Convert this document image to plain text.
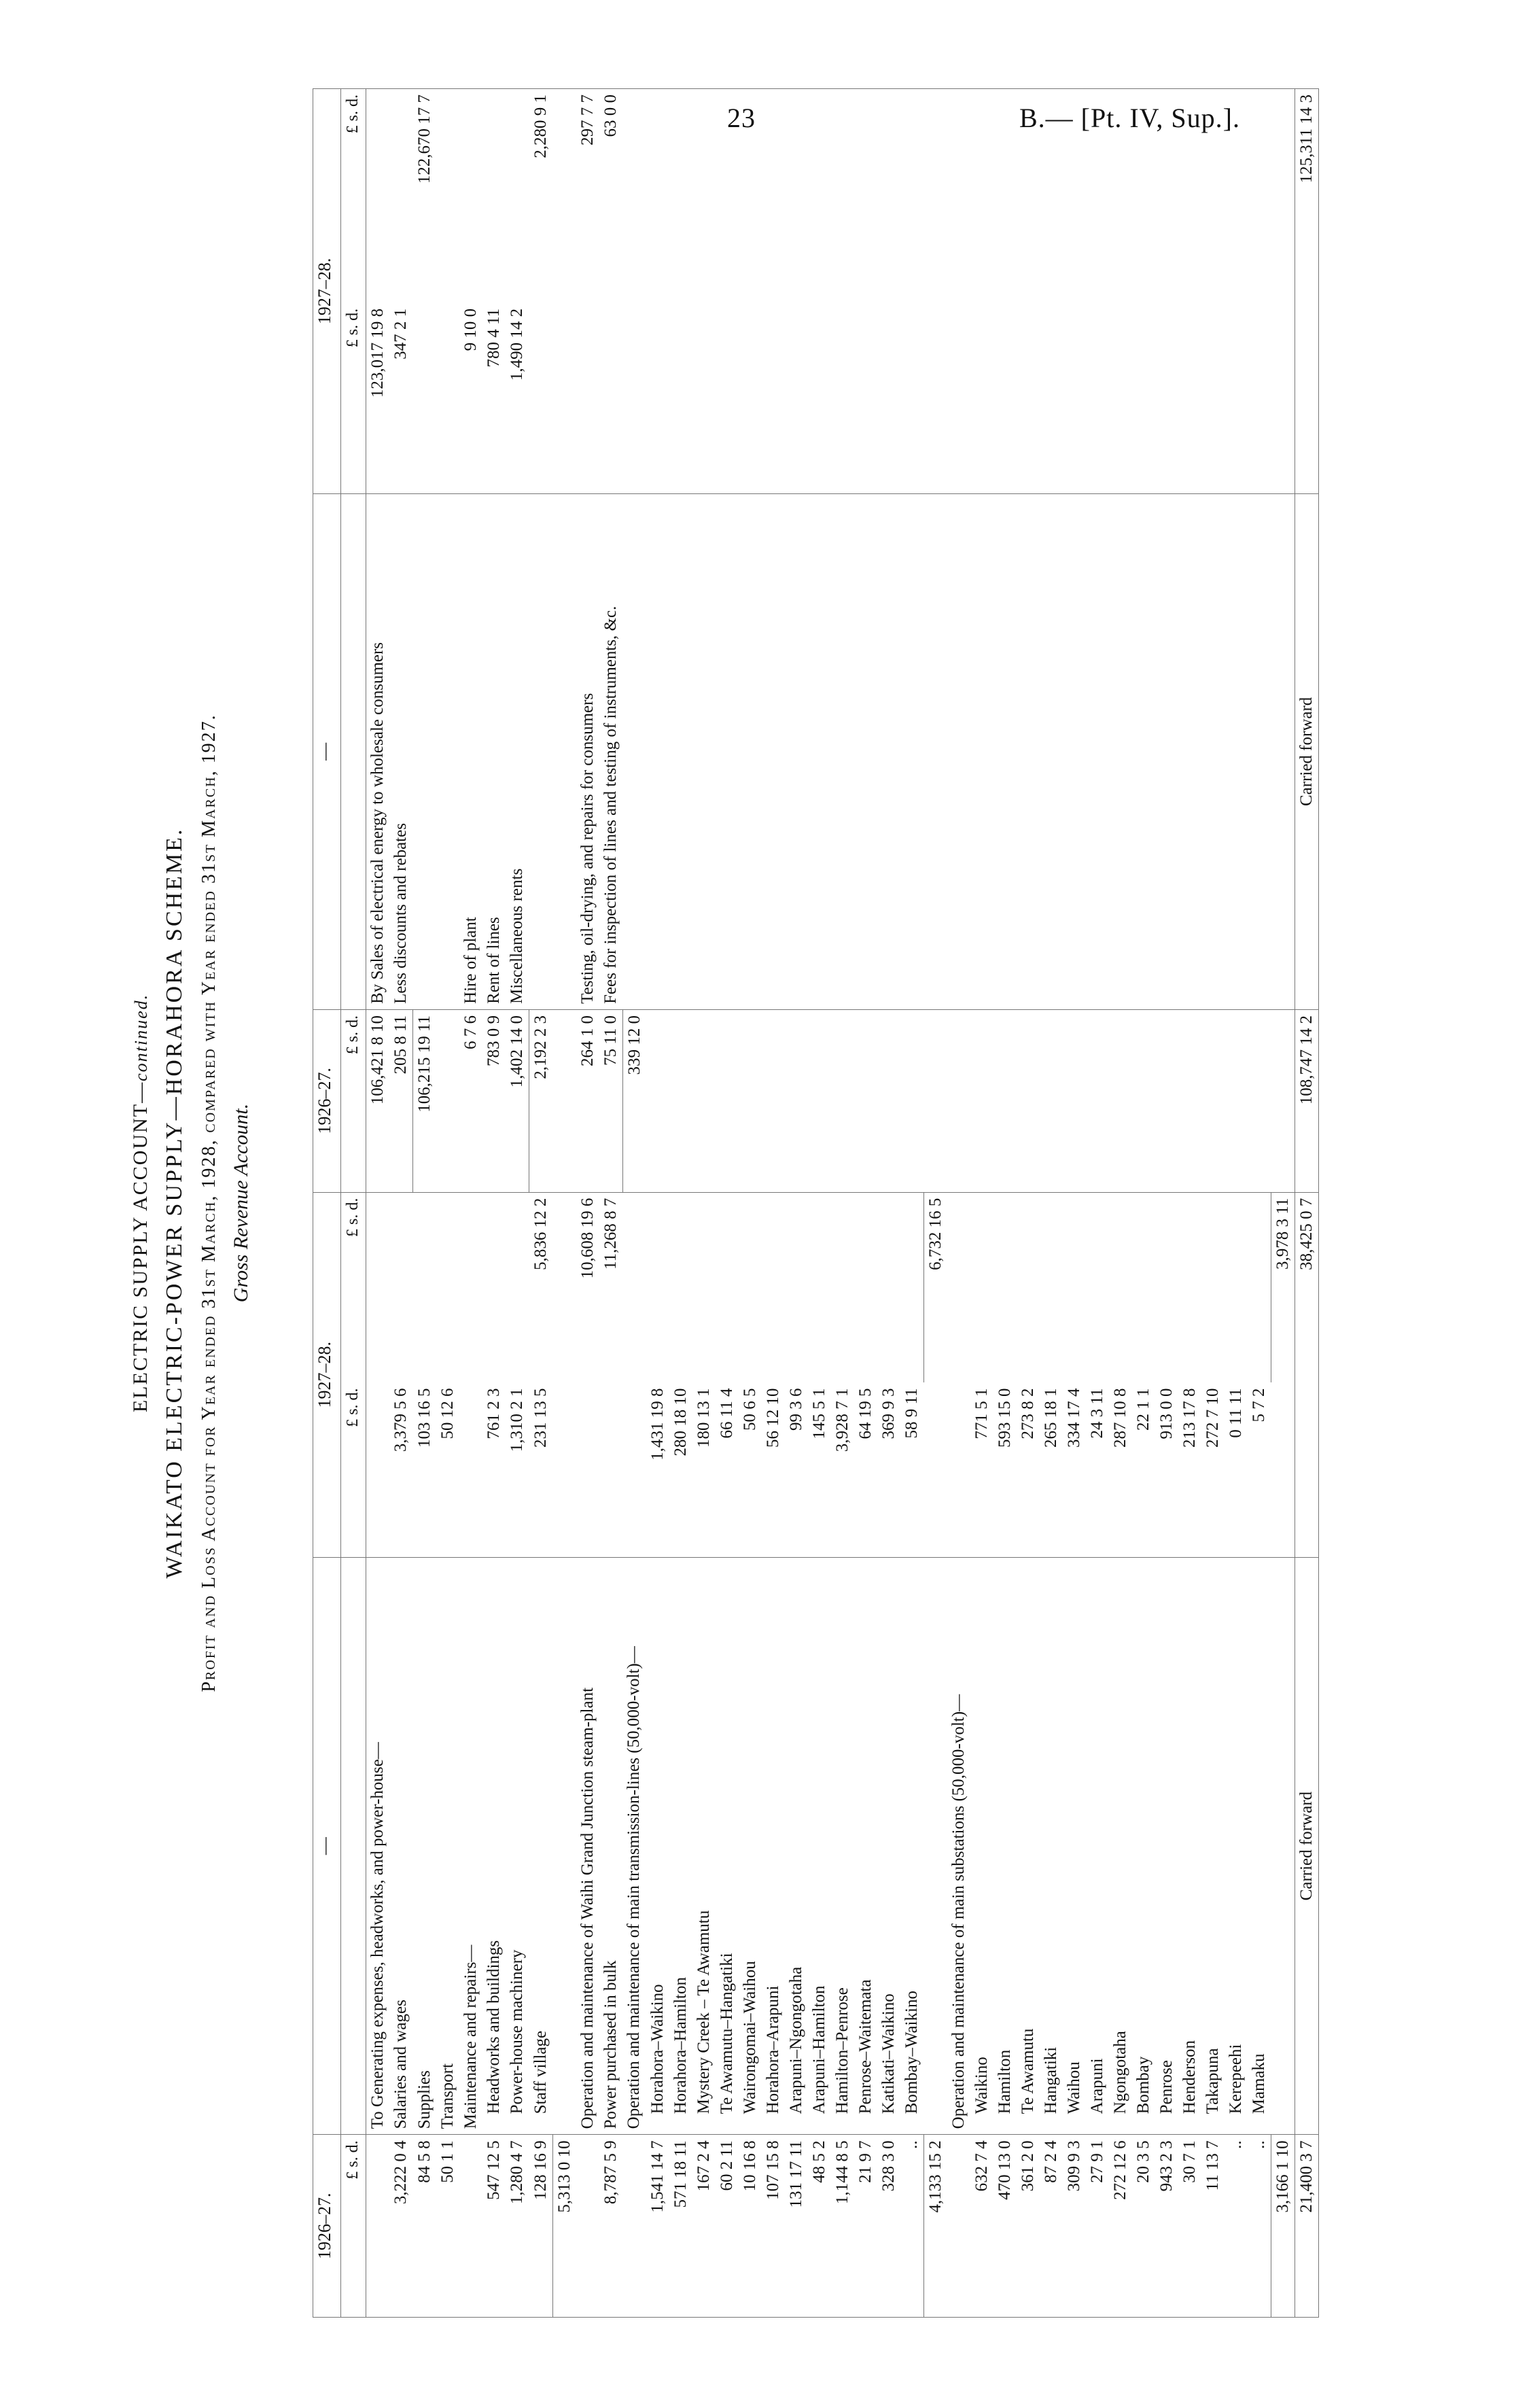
23	B.— [Pt. IV, Sup.].
ELECTRIC SUPPLY ACCOUNT—continued. WAIKATO ELECTRIC-POWER SUPPLY—HORAHORA SCHEME. Profit and Loss Account for Year ended 31st March, 1928, compared with Year ended 31st March, 1927. Gross Revenue Account.
1926–27.	—	1927–28.		1926–27.	—	1927–28.	
£ s. d.		£ s. d.	£ s. d.	£ s. d.		£ s. d.	£ s. d.
	To Generating expenses, headworks, and power-house—			106,421 8 10	By Sales of electrical energy to wholesale consumers	123,017 19 8	
3,222 0 4	Salaries and wages	3,379 5 6		205 8 11	Less discounts and rebates	347 2 1	
84 5 8	Supplies	103 16 5		106,215 19 11			122,670 17 7
50 1 1	Transport	50 12 6					
	Maintenance and repairs—			6 7 6	Hire of plant	9 10 0	
547 12 5	Headworks and buildings	761 2 3		783 0 9	Rent of lines	780 4 11	
1,280 4 7	Power-house machinery	1,310 2 1		1,402 14 0	Miscellaneous rents	1,490 14 2	
128 16 9	Staff village	231 13 5	5,836 12 2	2,192 2 3			2,280 9 1
5,313 0 10							
	Operation and maintenance of Waihi Grand Junction steam-plant		10,608 19 6	264 1 0	Testing, oil-drying, and repairs for consumers		297 7 7
8,787 5 9	Power purchased in bulk		11,268 8 7	75 11 0	Fees for inspection of lines and testing of instruments, &c.		63 0 0
	Operation and maintenance of main transmission-lines (50,000-volt)—			339 12 0			
1,541 14 7	Horahora–Waikino	1,431 19 8					
571 18 11	Horahora–Hamilton	280 18 10					
167 2 4	Mystery Creek – Te Awamutu	180 13 1					
60 2 11	Te Awamutu–Hangatiki	66 11 4					
10 16 8	Wairongomai–Waihou	50 6 5					
107 15 8	Horahora–Arapuni	56 12 10					
131 17 11	Arapuni–Ngongotaha	99 3 6					
48 5 2	Arapuni–Hamilton	145 5 1					
1,144 8 5	Hamilton–Penrose	3,928 7 1					
21 9 7	Penrose–Waitemata	64 19 5					
328 3 0	Katikati–Waikino	369 9 3					
..	Bombay–Waikino	58 9 11					
4,133 15 2			6,732 16 5				
	Operation and maintenance of main substations (50,000-volt)—						
632 7 4	Waikino	771 5 1					
470 13 0	Hamilton	593 15 0					
361 2 0	Te Awamutu	273 8 2					
87 2 4	Hangatiki	265 18 1					
309 9 3	Waihou	334 17 4					
27 9 1	Arapuni	24 3 11					
272 12 6	Ngongotaha	287 10 8					
20 3 5	Bombay	22 1 1					
943 2 3	Penrose	913 0 0					
30 7 1	Henderson	213 17 8					
11 13 7	Takapuna	272 7 10					
..	Kerepeehi	0 11 11					
..	Mamaku	5 7 2					
3,166 1 10			3,978 3 11				
21,400 3 7	Carried forward		38,425 0 7	108,747 14 2	Carried forward		125,311 14 3
